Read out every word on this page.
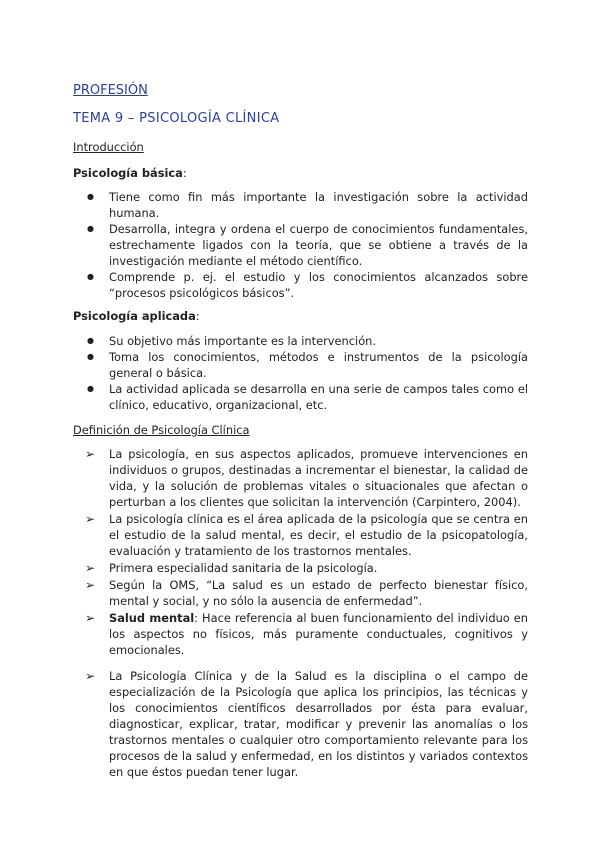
PROFESIÓN
TEMA 9 – PSICOLOGÍA CLÍNICA
Introducción
Psicología básica:
● Tiene como fin más importante la investigación sobre la actividad humana.
● Desarrolla, integra y ordena el cuerpo de conocimientos fundamentales, estrechamente ligados con la teoría, que se obtiene a través de la investigación mediante el método científico.
● Comprende p. ej. el estudio y los conocimientos alcanzados sobre “procesos psicológicos básicos”.
Psicología aplicada:
● Su objetivo más importante es la intervención.
● Toma los conocimientos, métodos e instrumentos de la psicología general o básica.
● La actividad aplicada se desarrolla en una serie de campos tales como el clínico, educativo, organizacional, etc.
Definición de Psicología Clínica
➢ La psicología, en sus aspectos aplicados, promueve intervenciones en individuos o grupos, destinadas a incrementar el bienestar, la calidad de vida, y la solución de problemas vitales o situacionales que afectan o perturban a los clientes que solicitan la intervención (Carpintero, 2004).
➢ La psicología clínica es el área aplicada de la psicología que se centra en el estudio de la salud mental, es decir, el estudio de la psicopatología, evaluación y tratamiento de los trastornos mentales.
➢ Primera especialidad sanitaria de la psicología.
➢ Según la OMS, “La salud es un estado de perfecto bienestar físico, mental y social, y no sólo la ausencia de enfermedad”.
➢ Salud mental: Hace referencia al buen funcionamiento del individuo en los aspectos no físicos, más puramente conductuales, cognitivos y emocionales.
➢ La Psicología Clínica y de la Salud es la disciplina o el campo de especialización de la Psicología que aplica los principios, las técnicas y los conocimientos científicos desarrollados por ésta para evaluar, diagnosticar, explicar, tratar, modificar y prevenir las anomalías o los trastornos mentales o cualquier otro comportamiento relevante para los procesos de la salud y enfermedad, en los distintos y variados contextos en que éstos puedan tener lugar.
